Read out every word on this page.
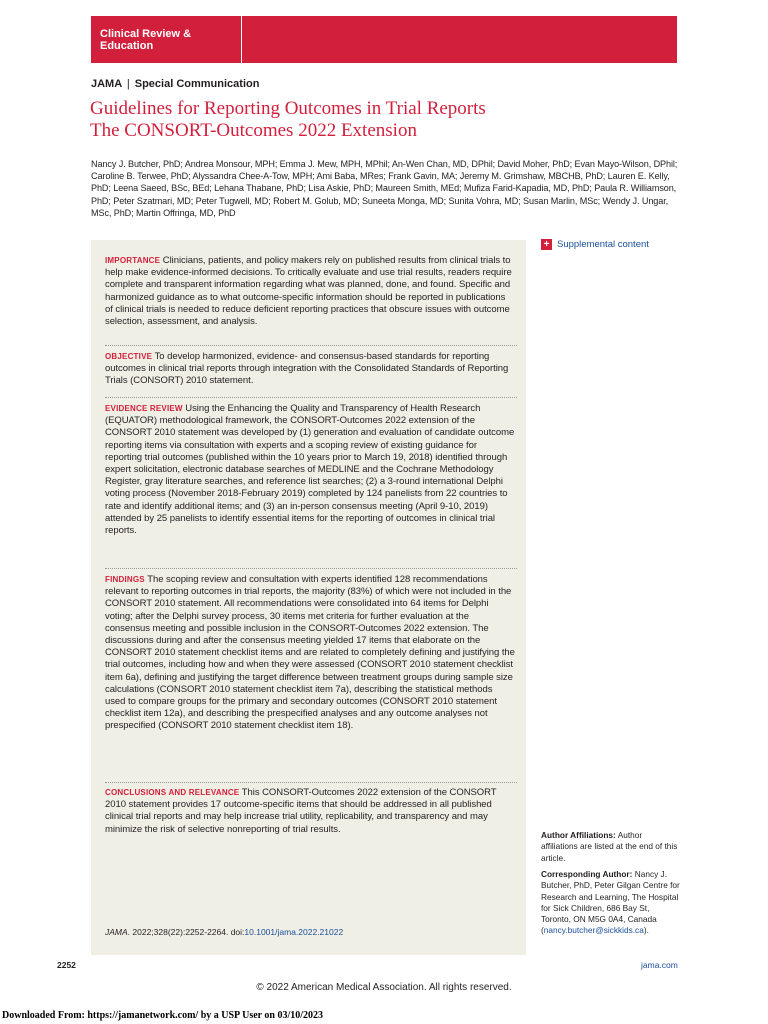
Clinical Review & Education
JAMA | Special Communication
Guidelines for Reporting Outcomes in Trial Reports
The CONSORT-Outcomes 2022 Extension
Nancy J. Butcher, PhD; Andrea Monsour, MPH; Emma J. Mew, MPH, MPhil; An-Wen Chan, MD, DPhil; David Moher, PhD; Evan Mayo-Wilson, DPhil; Caroline B. Terwee, PhD; Alyssandra Chee-A-Tow, MPH; Ami Baba, MRes; Frank Gavin, MA; Jeremy M. Grimshaw, MBCHB, PhD; Lauren E. Kelly, PhD; Leena Saeed, BSc, BEd; Lehana Thabane, PhD; Lisa Askie, PhD; Maureen Smith, MEd; Mufiza Farid-Kapadia, MD, PhD; Paula R. Williamson, PhD; Peter Szatmari, MD; Peter Tugwell, MD; Robert M. Golub, MD; Suneeta Monga, MD; Sunita Vohra, MD; Susan Marlin, MSc; Wendy J. Ungar, MSc, PhD; Martin Offringa, MD, PhD
IMPORTANCE Clinicians, patients, and policy makers rely on published results from clinical trials to help make evidence-informed decisions. To critically evaluate and use trial results, readers require complete and transparent information regarding what was planned, done, and found. Specific and harmonized guidance as to what outcome-specific information should be reported in publications of clinical trials is needed to reduce deficient reporting practices that obscure issues with outcome selection, assessment, and analysis.
OBJECTIVE To develop harmonized, evidence- and consensus-based standards for reporting outcomes in clinical trial reports through integration with the Consolidated Standards of Reporting Trials (CONSORT) 2010 statement.
EVIDENCE REVIEW Using the Enhancing the Quality and Transparency of Health Research (EQUATOR) methodological framework, the CONSORT-Outcomes 2022 extension of the CONSORT 2010 statement was developed by (1) generation and evaluation of candidate outcome reporting items via consultation with experts and a scoping review of existing guidance for reporting trial outcomes (published within the 10 years prior to March 19, 2018) identified through expert solicitation, electronic database searches of MEDLINE and the Cochrane Methodology Register, gray literature searches, and reference list searches; (2) a 3-round international Delphi voting process (November 2018-February 2019) completed by 124 panelists from 22 countries to rate and identify additional items; and (3) an in-person consensus meeting (April 9-10, 2019) attended by 25 panelists to identify essential items for the reporting of outcomes in clinical trial reports.
FINDINGS The scoping review and consultation with experts identified 128 recommendations relevant to reporting outcomes in trial reports, the majority (83%) of which were not included in the CONSORT 2010 statement. All recommendations were consolidated into 64 items for Delphi voting; after the Delphi survey process, 30 items met criteria for further evaluation at the consensus meeting and possible inclusion in the CONSORT-Outcomes 2022 extension. The discussions during and after the consensus meeting yielded 17 items that elaborate on the CONSORT 2010 statement checklist items and are related to completely defining and justifying the trial outcomes, including how and when they were assessed (CONSORT 2010 statement checklist item 6a), defining and justifying the target difference between treatment groups during sample size calculations (CONSORT 2010 statement checklist item 7a), describing the statistical methods used to compare groups for the primary and secondary outcomes (CONSORT 2010 statement checklist item 12a), and describing the prespecified analyses and any outcome analyses not prespecified (CONSORT 2010 statement checklist item 18).
CONCLUSIONS AND RELEVANCE This CONSORT-Outcomes 2022 extension of the CONSORT 2010 statement provides 17 outcome-specific items that should be addressed in all published clinical trial reports and may help increase trial utility, replicability, and transparency and may minimize the risk of selective nonreporting of trial results.
JAMA. 2022;328(22):2252-2264. doi:10.1001/jama.2022.21022
+ Supplemental content
Author Affiliations: Author affiliations are listed at the end of this article.
Corresponding Author: Nancy J. Butcher, PhD, Peter Gilgan Centre for Research and Learning, The Hospital for Sick Children, 686 Bay St, Toronto, ON M5G 0A4, Canada (nancy.butcher@sickkids.ca).
2252	jama.com
© 2022 American Medical Association. All rights reserved.
Downloaded From: https://jamanetwork.com/ by a USP User on 03/10/2023
